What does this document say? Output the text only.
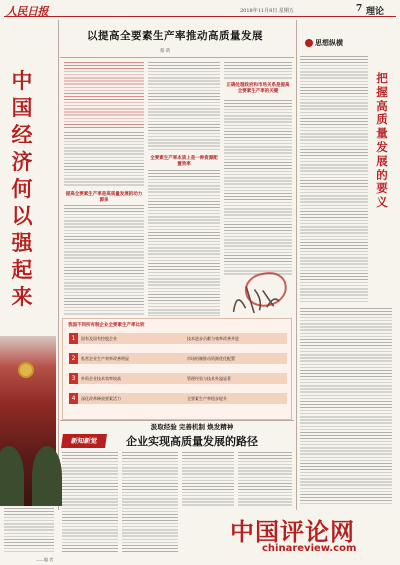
人民日报	2018年11月8日 星期五	7 理论
以提高全要素生产率推动高质量发展
蔡 昉
中
国
经
济
何
以
强
起
来
提高全要素生产率是高质量发展的动力源泉
全要素生产率本质上是一种资源配置效率
正确处理政府和市场关系是提高全要素生产率的关键
我国不同所有制企业全要素生产率比较
1	国有及国有控股企业	技术进步贡献与效率改善并进
2	私营企业生产效率改善明显	市场机制推动资源优化配置
3	外资企业技术效率较高	管理经验与技术外溢显著
4	深化改革释放要素活力	全要素生产率稳步提升
新知新觉
汲取经验 完善机制 焕发精神
企业实现高质量发展的路径
思想纵横
把
握
高
质
量
发
展
的
要
义
——编 者
中国评论网
chinareview.com
